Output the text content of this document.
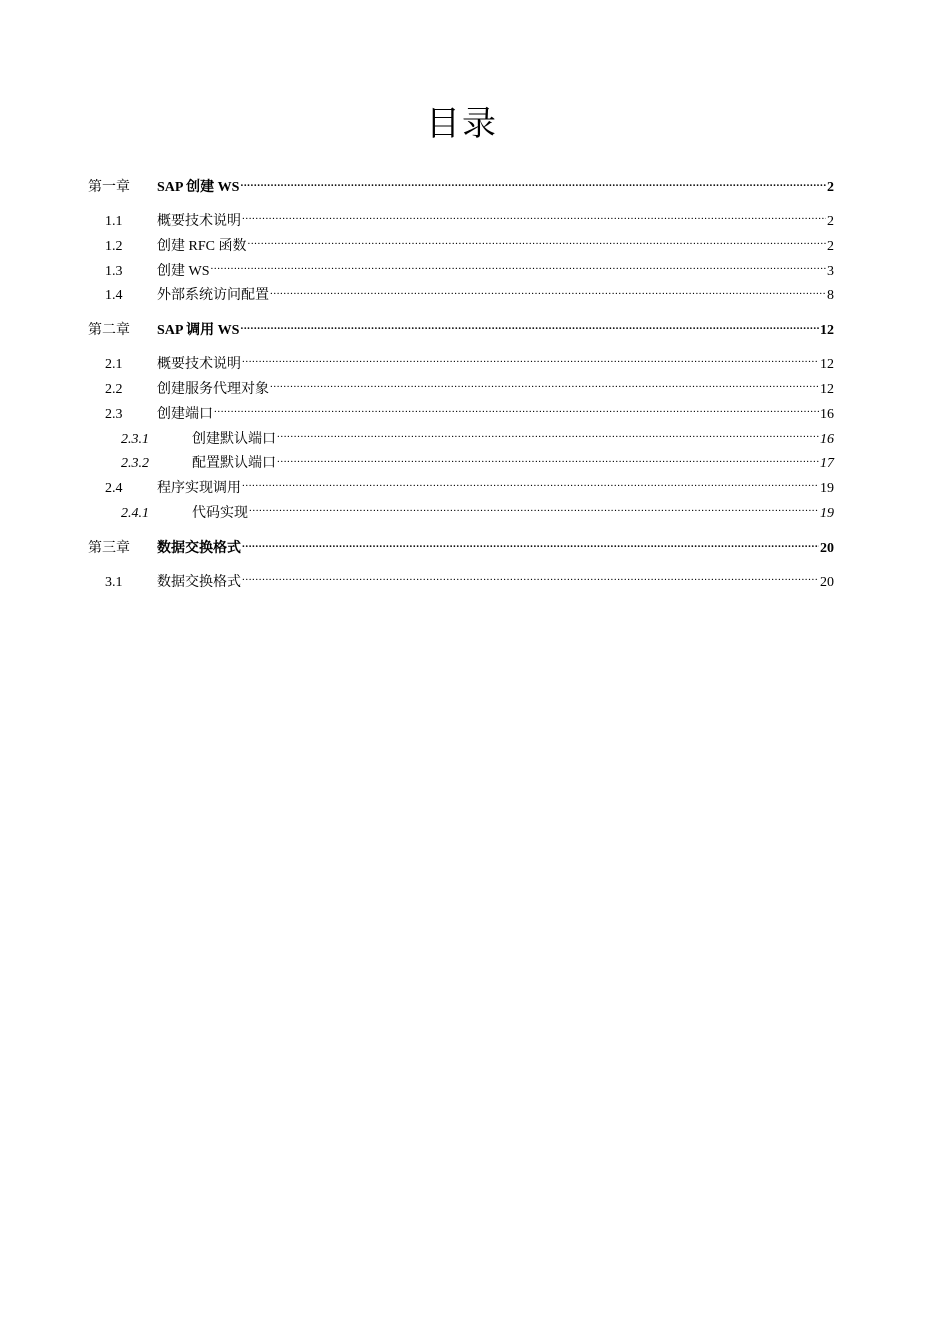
目录
第一章	SAP 创建 WS .....	2
1.1	概要技术说明 .....	2
1.2	创建 RFC 函数 .....	2
1.3	创建 WS .....	3
1.4	外部系统访问配置 .....	8
第二章	SAP 调用 WS .....	12
2.1	概要技术说明 .....	12
2.2	创建服务代理对象 .....	12
2.3	创建端口 .....	16
2.3.1	创建默认端口 .....	16
2.3.2	配置默认端口 .....	17
2.4	程序实现调用 .....	19
2.4.1	代码实现 .....	19
第三章	数据交换格式 .....	20
3.1	数据交换格式 .....	20
